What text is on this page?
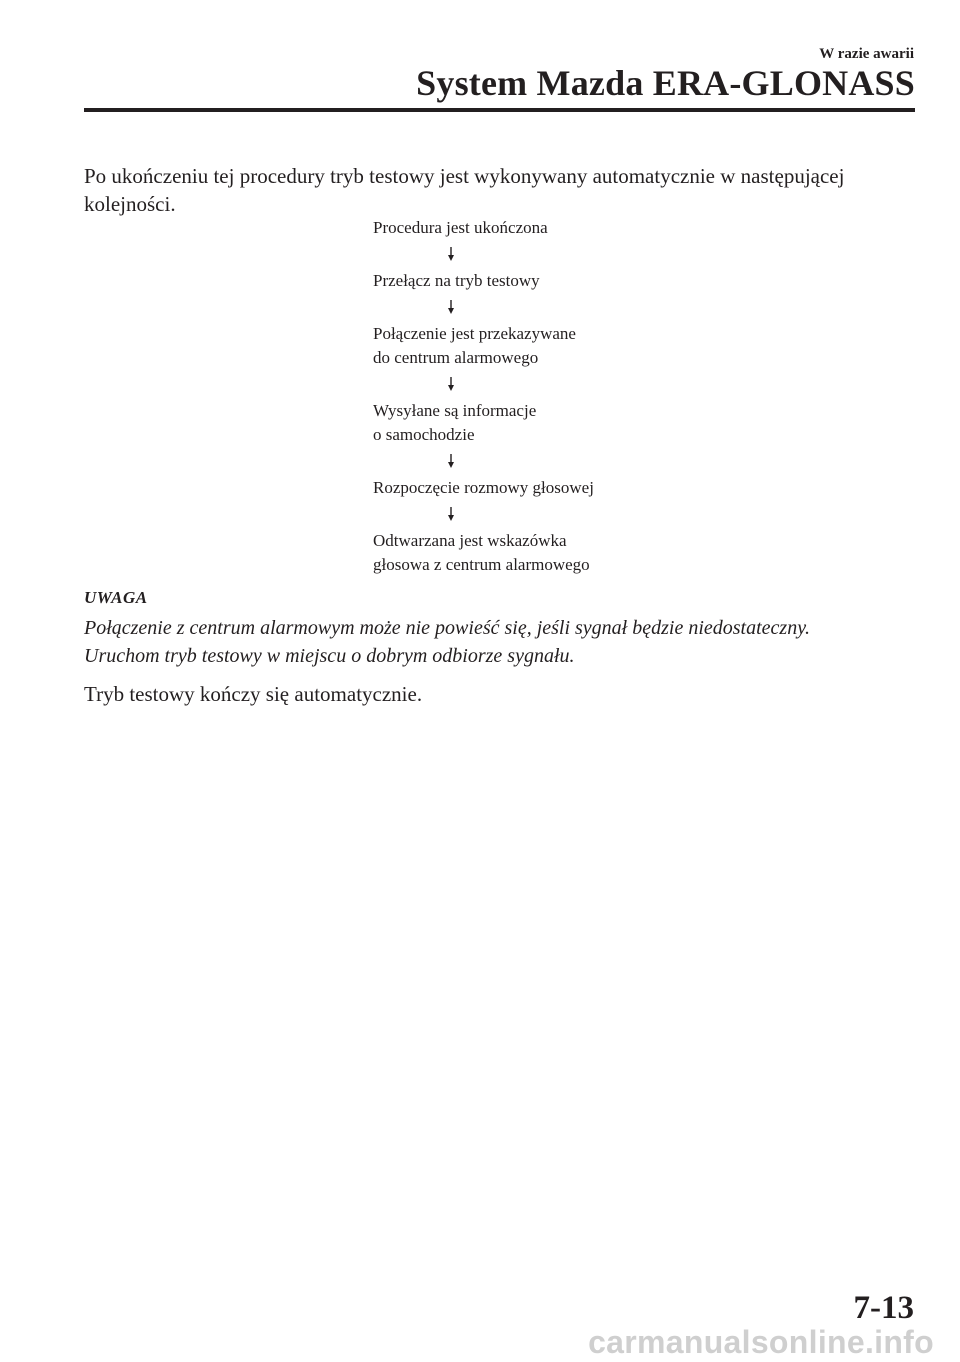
W razie awarii
System Mazda ERA-GLONASS
Po ukończeniu tej procedury tryb testowy jest wykonywany automatycznie w następującej kolejności.
Procedura jest ukończona
Przełącz na tryb testowy
Połączenie jest przekazywane
do centrum alarmowego
Wysyłane są informacje
o samochodzie
Rozpoczęcie rozmowy głosowej
Odtwarzana jest wskazówka
głosowa z centrum alarmowego
UWAGA
Połączenie z centrum alarmowym może nie powieść się, jeśli sygnał będzie niedostateczny.
Uruchom tryb testowy w miejscu o dobrym odbiorze sygnału.
Tryb testowy kończy się automatycznie.
7-13
carmanualsonline.info
